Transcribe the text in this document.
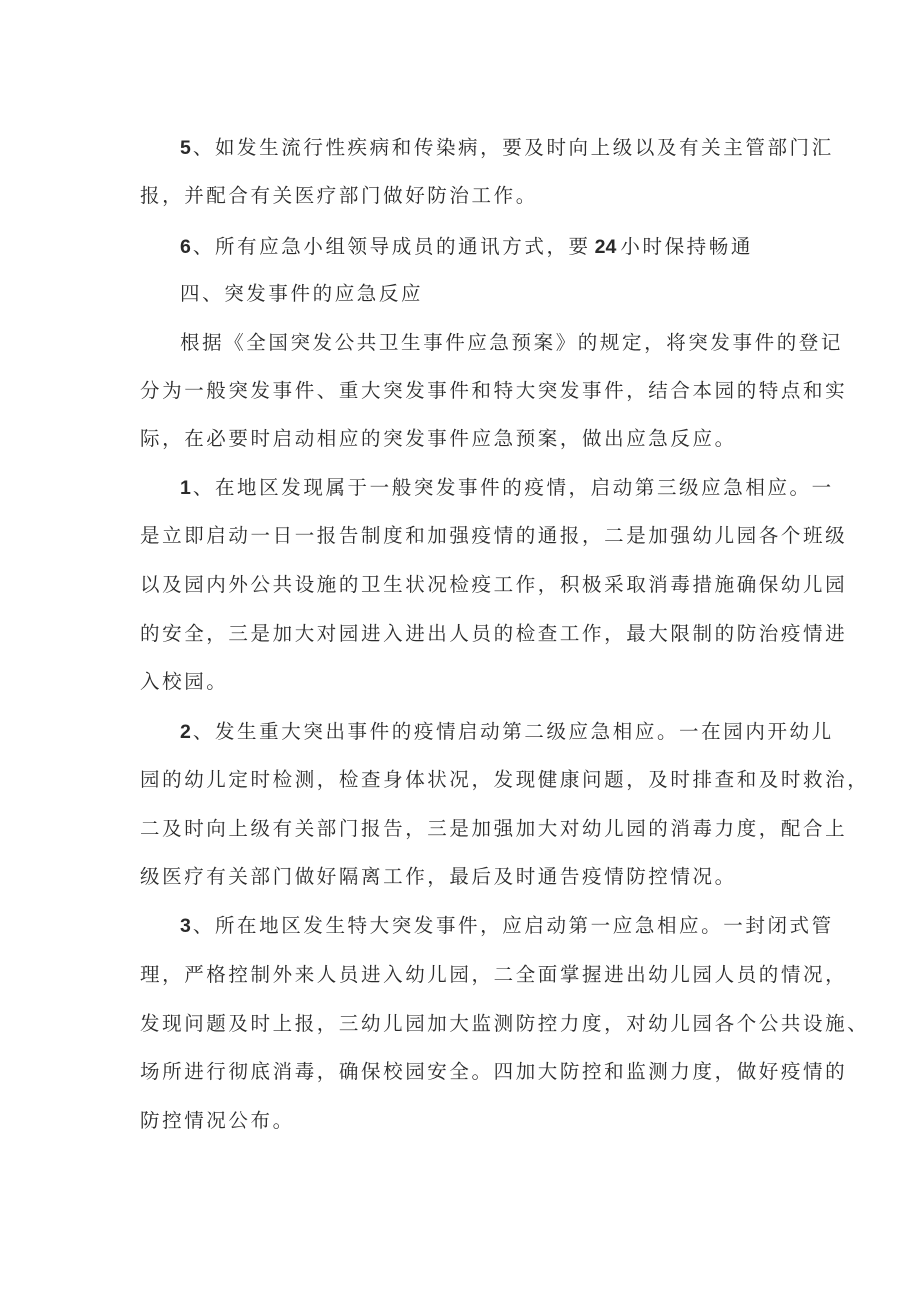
5 、如发生流行性疾病和传染病，要及时向上级以及有关主管部门汇
报，并配合有关医疗部门做好防治工作。
6 、所有应急小组领导成员的通讯方式，要 24 小时保持畅通
四、突发事件的应急反应
根据《全国突发公共卫生事件应急预案》的规定，将突发事件的登记
分为一般突发事件、重大突发事件和特大突发事件，结合本园的特点和实
际，在必要时启动相应的突发事件应急预案，做出应急反应。
1 、在地区发现属于一般突发事件的疫情，启动第三级应急相应。一
是立即启动一日一报告制度和加强疫情的通报，二是加强幼儿园各个班级
以及园内外公共设施的卫生状况检疫工作，积极采取消毒措施确保幼儿园
的安全，三是加大对园进入进出人员的检查工作，最大限制的防治疫情进
入校园。
2 、发生重大突出事件的疫情启动第二级应急相应。一在园内开幼儿
园的幼儿定时检测，检查身体状况，发现健康问题，及时排查和及时救治，
二及时向上级有关部门报告，三是加强加大对幼儿园的消毒力度，配合上
级医疗有关部门做好隔离工作，最后及时通告疫情防控情况。
3 、所在地区发生特大突发事件，应启动第一应急相应。一封闭式管
理，严格控制外来人员进入幼儿园，二全面掌握进出幼儿园人员的情况，
发现问题及时上报，三幼儿园加大监测防控力度，对幼儿园各个公共设施、
场所进行彻底消毒，确保校园安全。四加大防控和监测力度，做好疫情的
防控情况公布。
